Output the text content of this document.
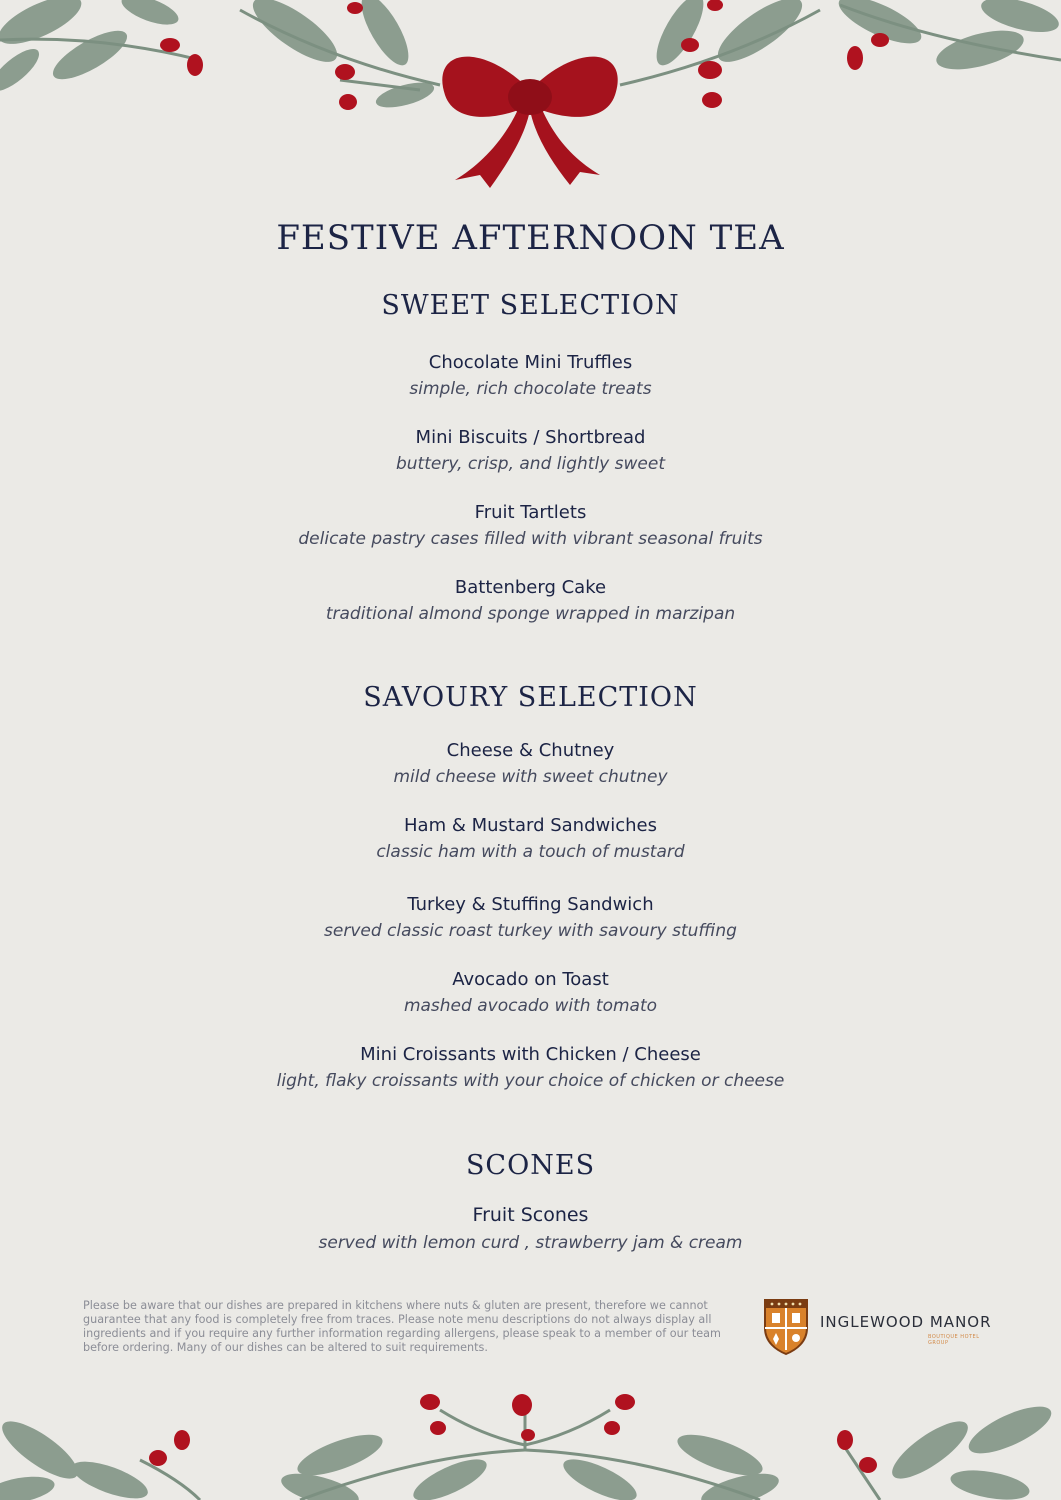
FESTIVE AFTERNOON TEA
SWEET SELECTION
Chocolate Mini Truffles
simple, rich chocolate treats
Mini Biscuits / Shortbread
buttery, crisp, and lightly sweet
Fruit Tartlets
delicate pastry cases filled with vibrant seasonal fruits
Battenberg Cake
traditional almond sponge wrapped in marzipan
SAVOURY SELECTION
Cheese & Chutney
mild cheese with sweet chutney
Ham & Mustard Sandwiches
classic ham with a touch of mustard
Turkey & Stuffing Sandwich
served classic roast turkey with savoury stuffing
Avocado on Toast
mashed avocado with tomato
Mini Croissants with Chicken / Cheese
light, flaky croissants with your choice of chicken or cheese
SCONES
Fruit Scones
served with lemon curd , strawberry jam & cream
Please be aware that our dishes are prepared in kitchens where nuts & gluten are present, therefore we cannot guarantee that any food is completely free from traces. Please note menu descriptions do not always display all ingredients and if you require any further information regarding allergens, please speak to a member of our team before ordering. Many of our dishes can be altered to suit requirements.
INGLEWOOD MANOR
BOUTIQUE HOTEL GROUP
